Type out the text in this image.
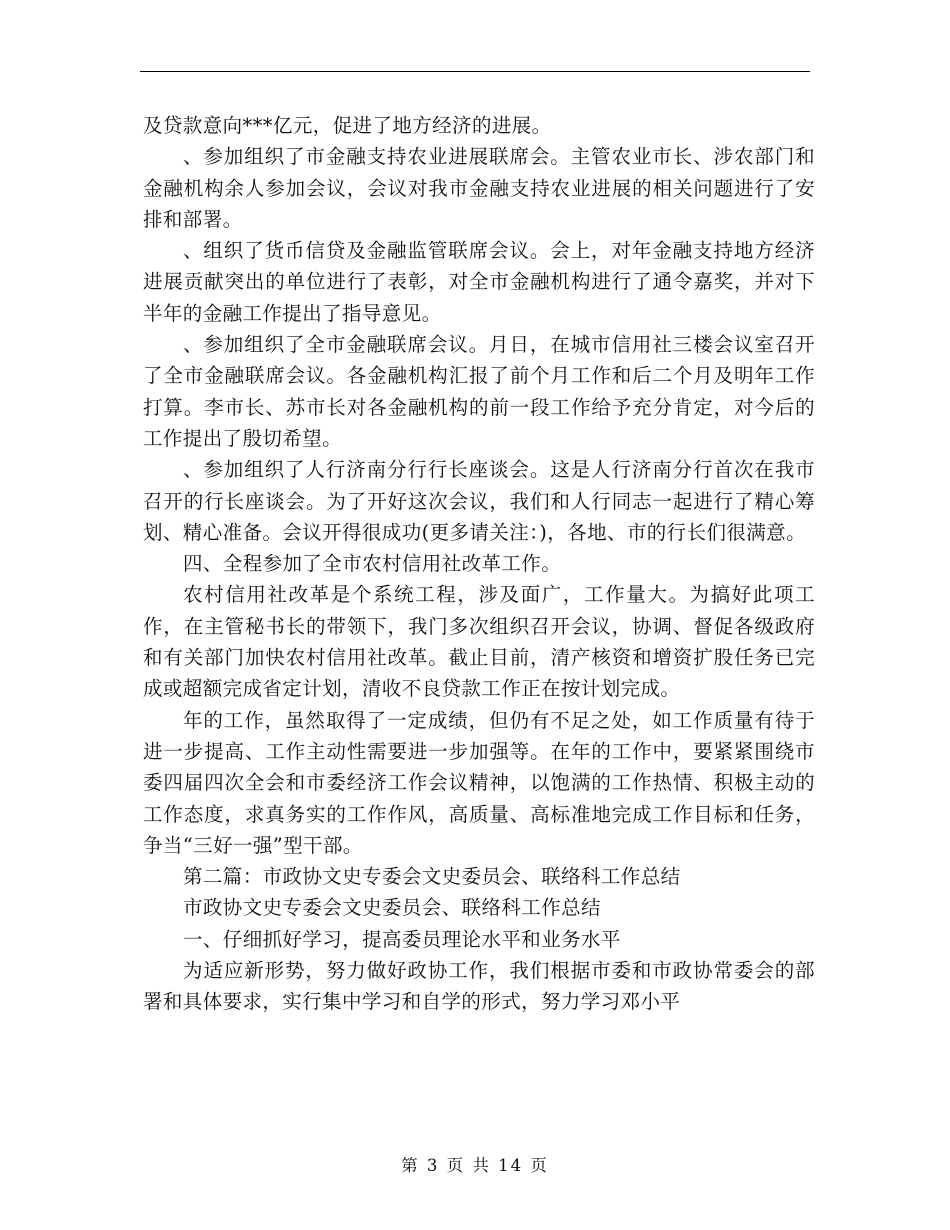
及贷款意向***亿元，促进了地方经济的进展。

、参加组织了市金融支持农业进展联席会。主管农业市长、涉农部门和金融机构余人参加会议，会议对我市金融支持农业进展的相关问题进行了安排和部署。

、组织了货币信贷及金融监管联席会议。会上，对年金融支持地方经济进展贡献突出的单位进行了表彰，对全市金融机构进行了通令嘉奖，并对下半年的金融工作提出了指导意见。

、参加组织了全市金融联席会议。月日，在城市信用社三楼会议室召开了全市金融联席会议。各金融机构汇报了前个月工作和后二个月及明年工作打算。李市长、苏市长对各金融机构的前一段工作给予充分肯定，对今后的工作提出了殷切希望。

、参加组织了人行济南分行行长座谈会。这是人行济南分行首次在我市召开的行长座谈会。为了开好这次会议，我们和人行同志一起进行了精心筹划、精心准备。会议开得很成功(更多请关注：)，各地、市的行长们很满意。

四、全程参加了全市农村信用社改革工作。

农村信用社改革是个系统工程，涉及面广，工作量大。为搞好此项工作，在主管秘书长的带领下，我门多次组织召开会议，协调、督促各级政府和有关部门加快农村信用社改革。截止目前，清产核资和增资扩股任务已完成或超额完成省定计划，清收不良贷款工作正在按计划完成。

年的工作，虽然取得了一定成绩，但仍有不足之处，如工作质量有待于进一步提高、工作主动性需要进一步加强等。在年的工作中，要紧紧围绕市委四届四次全会和市委经济工作会议精神，以饱满的工作热情、积极主动的工作态度，求真务实的工作作风，高质量、高标准地完成工作目标和任务，争当“三好一强”型干部。

第二篇：市政协文史专委会文史委员会、联络科工作总结

市政协文史专委会文史委员会、联络科工作总结

一、仔细抓好学习，提高委员理论水平和业务水平

为适应新形势，努力做好政协工作，我们根据市委和市政协常委会的部署和具体要求，实行集中学习和自学的形式，努力学习邓小平

第 3 页 共 14 页
